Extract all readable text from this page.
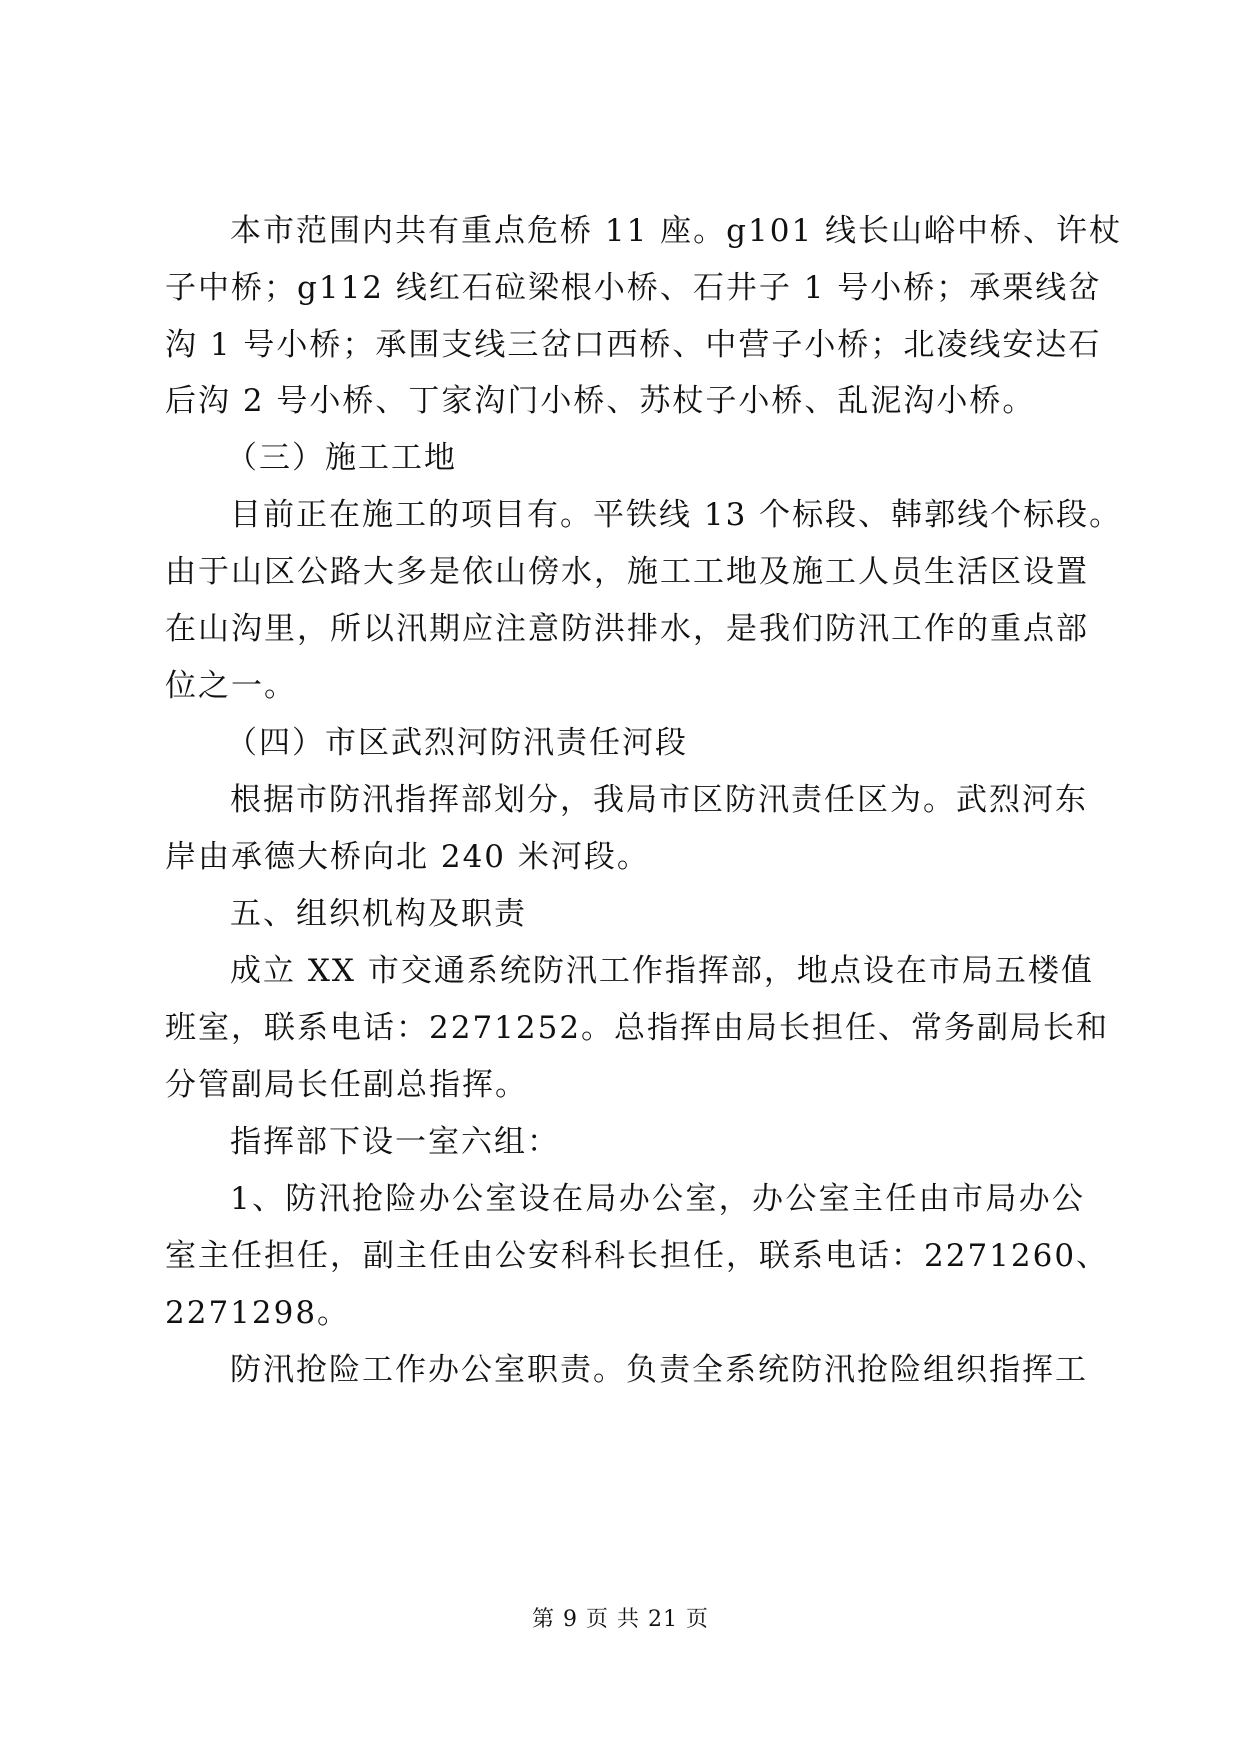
本市范围内共有重点危桥 11 座。g101 线长山峪中桥、许杖
子中桥；g112 线红石砬梁根小桥、石井子 1 号小桥；承栗线岔
沟 1 号小桥；承围支线三岔口西桥、中营子小桥；北凌线安达石
后沟 2 号小桥、丁家沟门小桥、苏杖子小桥、乱泥沟小桥。
（三）施工工地
目前正在施工的项目有。平铁线 13 个标段、韩郭线个标段。
由于山区公路大多是依山傍水，施工工地及施工人员生活区设置
在山沟里，所以汛期应注意防洪排水，是我们防汛工作的重点部
位之一。
（四）市区武烈河防汛责任河段
根据市防汛指挥部划分，我局市区防汛责任区为。武烈河东
岸由承德大桥向北 240 米河段。
五、组织机构及职责
成立 XX 市交通系统防汛工作指挥部，地点设在市局五楼值
班室，联系电话：2271252。总指挥由局长担任、常务副局长和
分管副局长任副总指挥。
指挥部下设一室六组：
1、防汛抢险办公室设在局办公室，办公室主任由市局办公
室主任担任，副主任由公安科科长担任，联系电话：2271260、
2271298。
防汛抢险工作办公室职责。负责全系统防汛抢险组织指挥工
第 9 页 共 21 页
